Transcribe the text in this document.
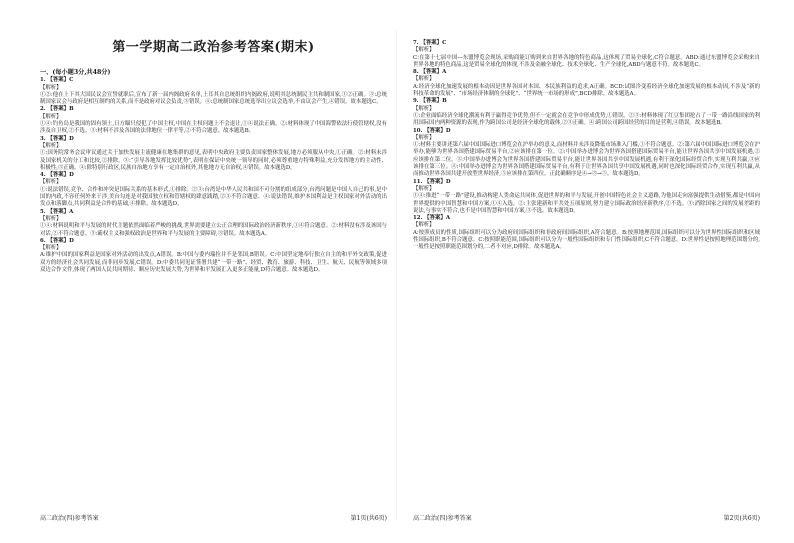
第一学期高二政治参考答案(期末)
一、(每小题3分,共48分)
1. 【答案】C
【解析】
①②:他在上下其大国民议会宣誓就职后,宣布了新一届内阁政府名单,上耳其自总统组织内阁政府,说明其总统制民主共和制国家,①②正确。③:总统制国家议会与政府是相互制约的关系,而不是政府对议会负责,③错误。④:总统制国家总统选举出立议会选举,不由议会产生,④错误。故本题选C。
2. 【答案】B
【解析】
①④:钓鱼岛是我国的固有领土,日方瞄只侵犯了中国主权,中国在主权问题上不会退让,①④说法正确。②:材料体现了中国海警依法行使管辖权,没有涉及自卫权,②不选。③:材料不涉及各国的法律地位一律平等,②不符合题意。故本题选B。
3. 【答案】D
【解析】
①:国务院常务会议审议通过关于加快发展主流健康在地集群的意见,表明中央政府主要负责国家整体发展,地方必须服从中央,①正确。②:材料未涉及国家机关的分工和比较,②排除。③:“引导各地发挥比较优势”,表明在保证中央统一领导的同时,必须尊重地方特殊利益,充分发挥地方的主动性、积极性,③正确。④:除特别行政区,民族自治地方享有一定自治权外,其他地方无自治权,④错误。故本题选D。
4. 【答案】D
【解析】
①:说法错误,竞争、合作和冲突是国际关系的基本形式,①排除。②③:台湾是中华人民共和国不可分割的组成部分,台湾问题是中国人自己的事,是中国的内政,不容任何外来干涉,美台勾连是对我国独立权和管辖权的肆意践踏,②③不符合题意。④:说法错误,维护本国利益是主权国家对外活动的出发点和落脚点,共同利益是合作的基础,④排除。故本题选D。
5. 【答案】A
【解析】
①④:材料说明和平与发展的时代主题依然面临着严峻的挑战,世界需要建立公正合理的国际政治经济新秩序,①④符合题意。②:材料没有涉及该国与对话,②不符合题意。③:霸权主义和强权政治是世界和平与发展的主要障碍,③错误。故本题选A。
6. 【答案】D
【解析】
A:维护中国的国家利益是国家对外活动的出发点,A错误。B:中国与委内瑞拉并不是邻国,B错误。C:中国坚定地奉行独立自主的和平外交政策,促进双方的经济社会共同发展,而非同步发展,C错误。D:中委共同见证签署共建“一带一路”、经贸、教育、旅游、科技、卫生、航天、民航等领域多项双边合作文件,体现了两国人民共同期待、顺应历史发展大势,为世界和平发展汇入更多正能量,D符合题意。故本题选D。
高二政治(四)参考答案	第1页(共6页)
7. 【答案】C
【解析】
C:在第十七届中国—东盟博览会现场,采购商能订购到来自世界各地的特色商品,这体现了贸易全球化,C符合题意。ABD:通过东盟博览会采购来自世界各地的特色商品,这是贸易全球化的体现,不涉及金融全球化、技术全球化、生产全球化,ABD与题意不符。故本题选C。
8. 【答案】A
【解析】
A:经济全球化加速发展的根本动因是世界各国对本国、本民族利益的追求,A正确。BCD:试图冷变着经济全球化加速发展的根本动因,不涉及“新的科技革命的发展”、“市场经济体制的全球化”、“世界统一市场的形成”,BCD排除。故本题选A。
9. 【答案】B
【解析】
①:企业面临经济全球化潮流有利于赢得竞争优势,但不一定就会在竞争中形成优势,①错误。②③:材料体现了红豆集团抢占了一带一路沿线国家的利用国际国内两种资源的表现,作为跨国公司是经济全球化的载体,②③正确。④:跨国公司跨国经营的目的是营利,④错误。故本题选B。
10. 【答案】D
【解析】
①:材料主要讲述第六届中国国际进口博览会在沪举办的意义,而材料并未涉及降低市场准入门槛,①不符合题意。②:第六届中国国际进口博览会在沪举办,能够为世界各国搭建国际贸易平台,②应该排在第一位。②:中国举办进博会为世界各国搭建国际贸易平台,能让世界各国共享中国发展机遇,②应该排在第二位。③:中国举办进博会为世界各国搭建国际贸易平台,能让世界各国共享中国发展机遇,有利于深化国际经贸合作,实现互利共赢,③应该排在第三位。④:中国举办进博会为世界各国搭建国际贸易平台,有利于让世界各国共享中国发展机遇,同时也深化国际经贸合作,实现互利共赢,从而推动世界各国共建开放型世界经济,⑤应该排在第四位。正此确顺序是④→③→⑤。故本题选D。
11. 【答案】D
【解析】
①④:推进“一带一路”建设,推动构建人类命运共同体,促进世界的和平与发展,开创中国特色社会主义道路,为他国走向富强提供生动借鉴,都是中国向世界提供的中国智慧和中国方案,①④入选。②:主张建新和平共处五项原则,努力建立国际政治经济新秩序,②不选。③:消除国家之间的发展差距的说法,与事实不符合,也不是中国智慧和中国方案,③不选。故本题选D。
12. 【答案】A
【解析】
A:按照成员的性质,国际组织可以分为政府间国际组织和非政府间国际组织,A符合题意。B:按照地理范围,国际组织可以分为世界性国际组织和区域性国际组织,B不符合题意。C:按照职能范围,国际组织可以分为一般性国际组织和专门性国际组织,C不符合题意。D:世界性是按照地理范围划分的,一般性是按照职能范围划分的,二者不对应,D排除。故本题选A。
高二政治(四)参考答案	第2页(共6页)
